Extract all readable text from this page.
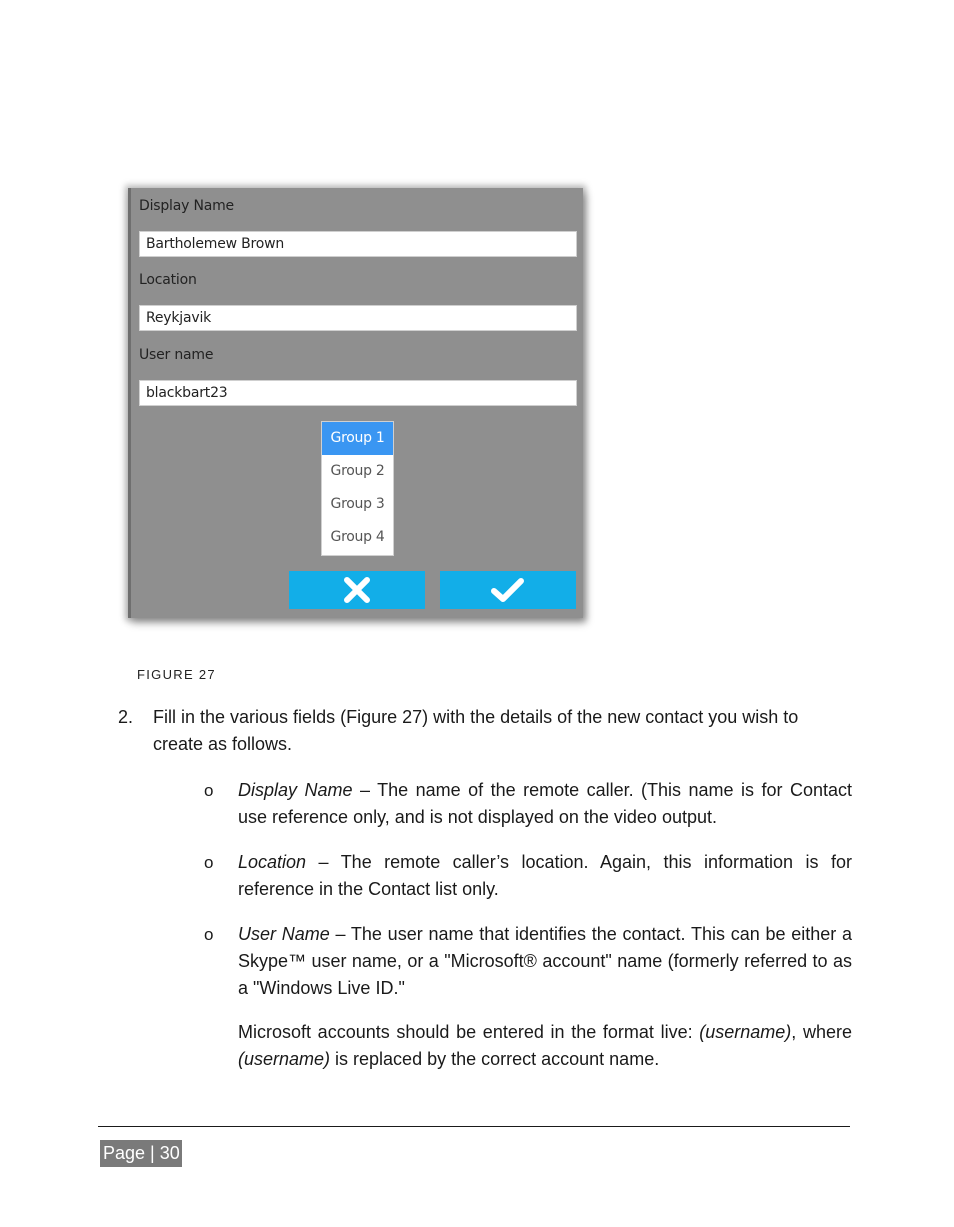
Display Name
Bartholemew Brown
Location
Reykjavik
User name
blackbart23
Group 1
Group 2
Group 3
Group 4
FIGURE 27
2. Fill in the various fields (Figure 27) with the details of the new contact you wish to create as follows.
o Display Name – The name of the remote caller. (This name is for Contact use reference only, and is not displayed on the video output.
o Location – The remote caller’s location. Again, this information is for reference in the Contact list only.
o User Name – The user name that identifies the contact. This can be either a Skype™ user name, or a "Microsoft® account" name (formerly referred to as a "Windows Live ID."
Microsoft accounts should be entered in the format live: (username), where (username) is replaced by the correct account name.
Page | 30
